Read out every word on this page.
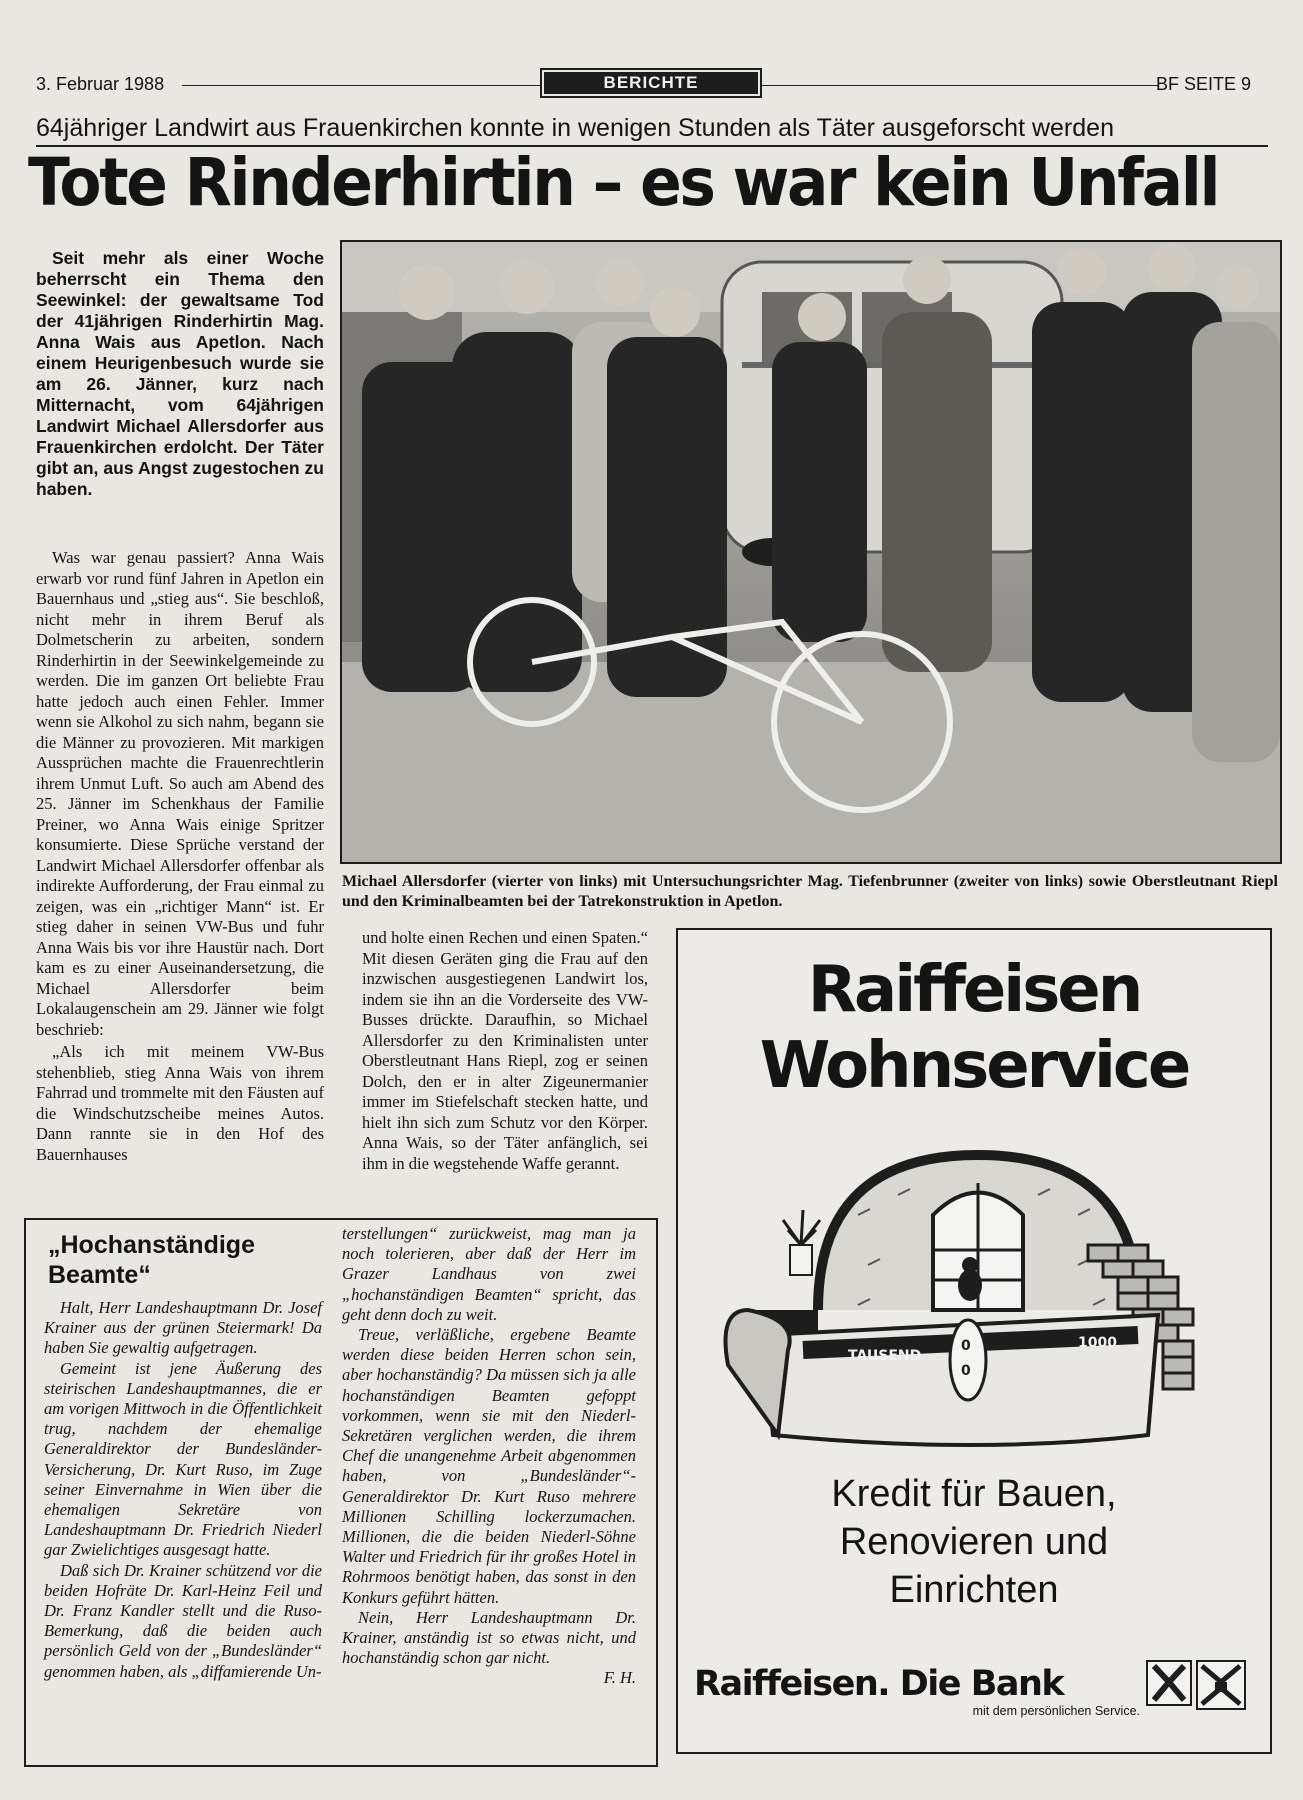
3. Februar 1988	BERICHTE	BF SEITE 9
64jähriger Landwirt aus Frauenkirchen konnte in wenigen Stunden als Täter ausgeforscht werden
Tote Rinderhirtin – es war kein Unfall

Seit mehr als einer Woche beherrscht ein Thema den Seewinkel: der gewaltsame Tod der 41jährigen Rinderhirtin Mag. Anna Wais aus Apetlon. Nach einem Heurigenbesuch wurde sie am 26. Jänner, kurz nach Mitternacht, vom 64jährigen Landwirt Michael Allersdorfer aus Frauenkirchen erdolcht. Der Täter gibt an, aus Angst zugestochen zu haben.

Was war genau passiert? Anna Wais erwarb vor rund fünf Jahren in Apetlon ein Bauernhaus und „stieg aus“. Sie beschloß, nicht mehr in ihrem Beruf als Dolmetscherin zu arbeiten, sondern Rinderhirtin in der Seewinkelgemeinde zu werden. Die im ganzen Ort beliebte Frau hatte jedoch auch einen Fehler. Immer wenn sie Alkohol zu sich nahm, begann sie die Männer zu provozieren. Mit markigen Aussprüchen machte die Frauenrechtlerin ihrem Unmut Luft. So auch am Abend des 25. Jänner im Schenkhaus der Familie Preiner, wo Anna Wais einige Spritzer konsumierte. Diese Sprüche verstand der Landwirt Michael Allersdorfer offenbar als indirekte Aufforderung, der Frau einmal zu zeigen, was ein „richtiger Mann“ ist. Er stieg daher in seinen VW-Bus und fuhr Anna Wais bis vor ihre Haustür nach. Dort kam es zu einer Auseinandersetzung, die Michael Allersdorfer beim Lokalaugenschein am 29. Jänner wie folgt beschrieb:

„Als ich mit meinem VW-Bus stehenblieb, stieg Anna Wais von ihrem Fahrrad und trommelte mit den Fäusten auf die Windschutzscheibe meines Autos. Dann rannte sie in den Hof des Bauernhauses

Michael Allersdorfer (vierter von links) mit Untersuchungsrichter Mag. Tiefenbrunner (zweiter von links) sowie Oberstleutnant Riepl und den Kriminalbeamten bei der Tatrekonstruktion in Apetlon.

und holte einen Rechen und einen Spaten.“ Mit diesen Geräten ging die Frau auf den inzwischen ausgestiegenen Landwirt los, indem sie ihn an die Vorderseite des VW-Busses drückte. Daraufhin, so Michael Allersdorfer zu den Kriminalisten unter Oberstleutnant Hans Riepl, zog er seinen Dolch, den er in alter Zigeunermanier immer im Stiefelschaft stecken hatte, und hielt ihn sich zum Schutz vor den Körper. Anna Wais, so der Täter anfänglich, sei ihm in die wegstehende Waffe gerannt.

„Hochanständige Beamte“

Halt, Herr Landeshauptmann Dr. Josef Krainer aus der grünen Steiermark! Da haben Sie gewaltig aufgetragen.

Gemeint ist jene Äußerung des steirischen Landeshauptmannes, die er am vorigen Mittwoch in die Öffentlichkeit trug, nachdem der ehemalige Generaldirektor der Bundesländer-Versicherung, Dr. Kurt Ruso, im Zuge seiner Einvernahme in Wien über die ehemaligen Sekretäre von Landeshauptmann Dr. Friedrich Niederl gar Zwielichtiges ausgesagt hatte.

Daß sich Dr. Krainer schützend vor die beiden Hofräte Dr. Karl-Heinz Feil und Dr. Franz Kandler stellt und die Ruso-Bemerkung, daß die beiden auch persönlich Geld von der „Bundesländer“ genommen haben, als „diffamierende Un-

terstellungen“ zurückweist, mag man ja noch tolerieren, aber daß der Herr im Grazer Landhaus von zwei „hochanständigen Beamten“ spricht, das geht denn doch zu weit.

Treue, verläßliche, ergebene Beamte werden diese beiden Herren schon sein, aber hochanständig? Da müssen sich ja alle hochanständigen Beamten gefoppt vorkommen, wenn sie mit den Niederl-Sekretären verglichen werden, die ihrem Chef die unangenehme Arbeit abgenommen haben, von „Bundesländer“-Generaldirektor Dr. Kurt Ruso mehrere Millionen Schilling lockerzumachen. Millionen, die die beiden Niederl-Söhne Walter und Friedrich für ihr großes Hotel in Rohrmoos benötigt haben, das sonst in den Konkurs geführt hätten.

Nein, Herr Landeshauptmann Dr. Krainer, anständig ist so etwas nicht, und hochanständig schon gar nicht.

F. H.

Raiffeisen
Wohnservice
TAUSEND
1000
0
0
Kredit für Bauen,
Renovieren und
Einrichten
Raiffeisen. Die Bank
mit dem persönlichen Service.
